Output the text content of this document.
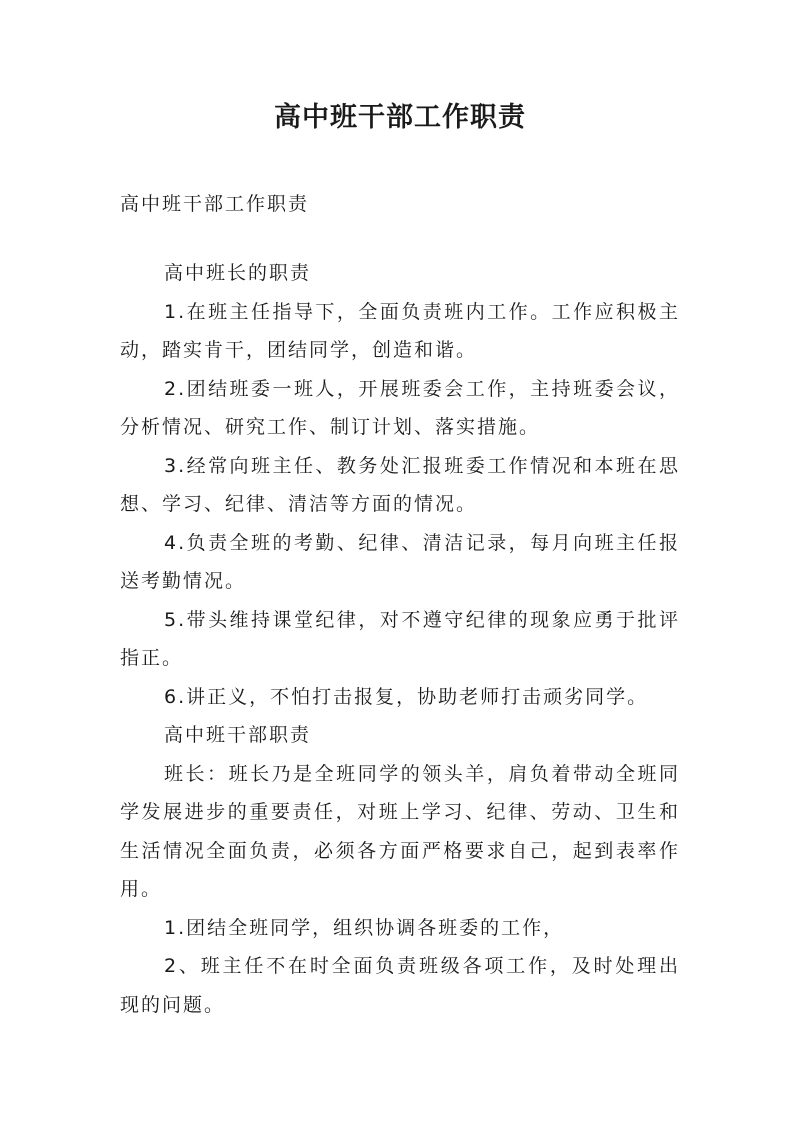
高中班干部工作职责

高中班干部工作职责

高中班长的职责

1.在班主任指导下，全面负责班内工作。工作应积极主动，踏实肯干，团结同学，创造和谐。

2.团结班委一班人，开展班委会工作，主持班委会议，分析情况、研究工作、制订计划、落实措施。

3.经常向班主任、教务处汇报班委工作情况和本班在思想、学习、纪律、清洁等方面的情况。

4.负责全班的考勤、纪律、清洁记录，每月向班主任报送考勤情况。

5.带头维持课堂纪律，对不遵守纪律的现象应勇于批评指正。

6.讲正义，不怕打击报复，协助老师打击顽劣同学。

高中班干部职责

班长：班长乃是全班同学的领头羊，肩负着带动全班同学发展进步的重要责任，对班上学习、纪律、劳动、卫生和生活情况全面负责，必须各方面严格要求自己，起到表率作用。

1.团结全班同学，组织协调各班委的工作，

2、班主任不在时全面负责班级各项工作，及时处理出现的问题。
